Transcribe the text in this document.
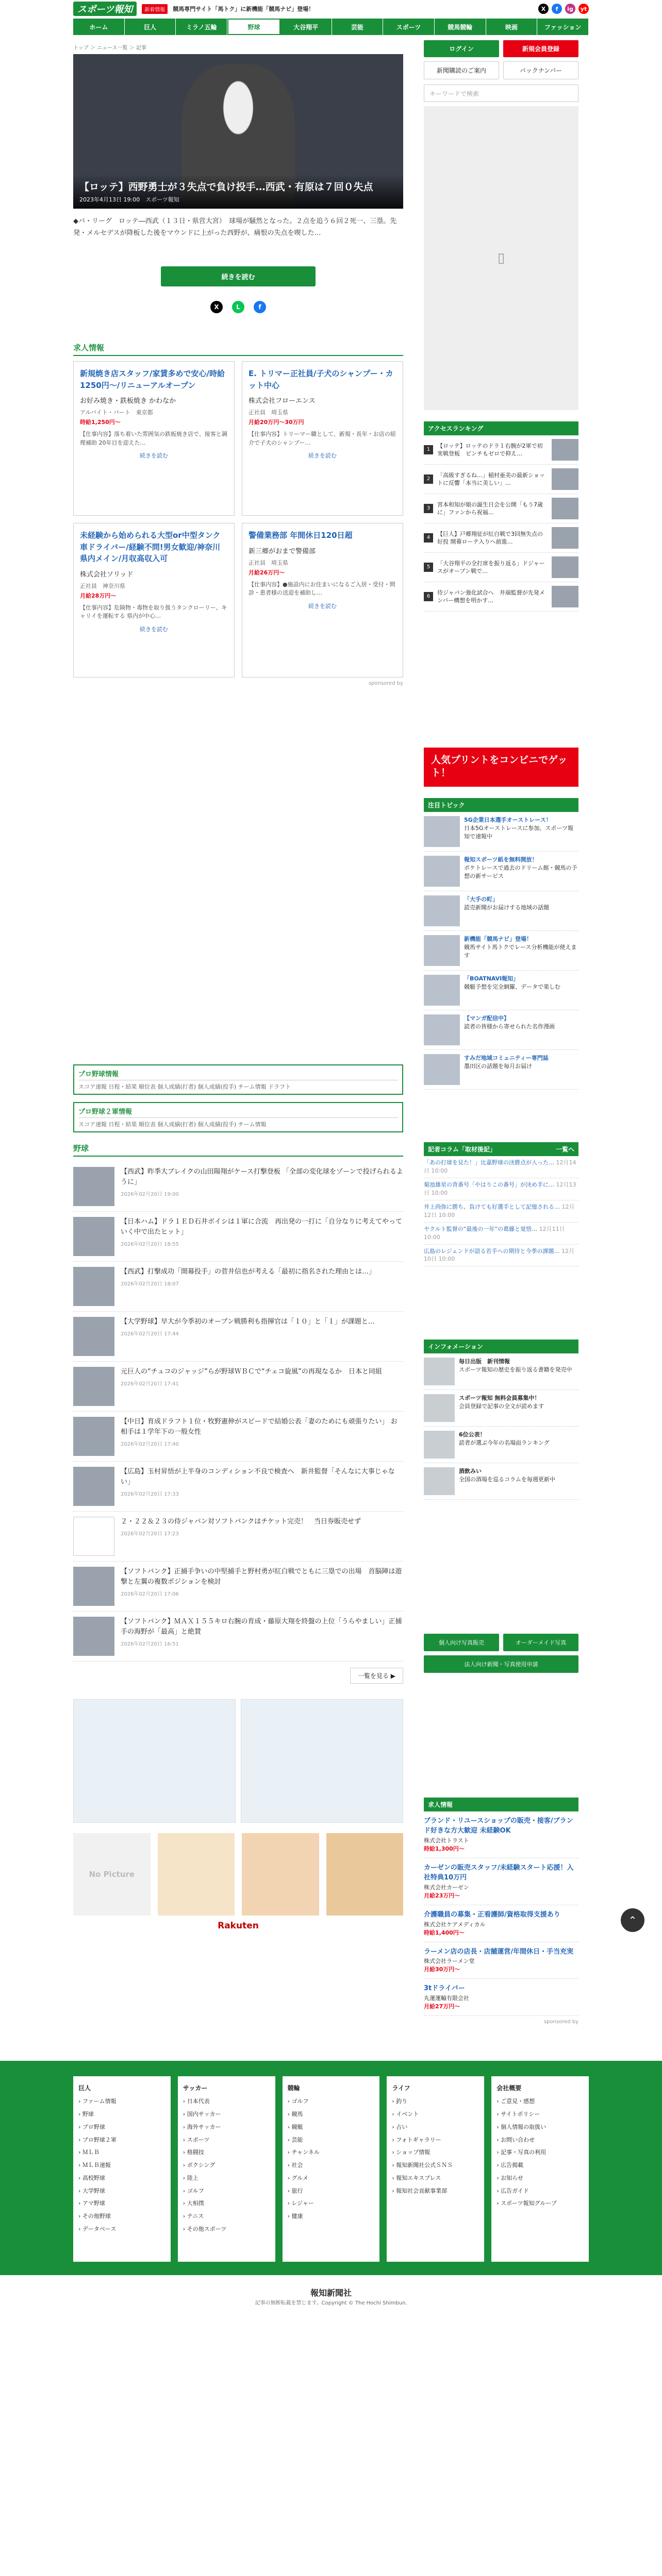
スポーツ報知	新着情報	競馬専門サイト「馬トク」に新機能「競馬ナビ」登場！	X	f	ig	yt
ホーム	巨人	ミラノ五輪	野球	大谷翔平	芸能	スポーツ	競馬競輪	映画	ファッション
トップ ＞ ニュース一覧 ＞ 記事
【ロッテ】西野勇士が３失点で負け投手…西武・有原は７回０失点
2023年4月13日 19:00　スポーツ報知

◆パ・リーグ　ロッテ―西武（１３日・県営大宮）　球場が騒然となった。２点を追う６回２死一、三塁。先発・メルセデスが降板した後をマウンドに上がった西野が、痛恨の失点を喫した…

続きを読む
X	L	f
求人情報
新規焼き店スタッフ/家賃多めで安心/時給1250円～/リニューアルオープン
お好み焼き・鉄板焼き かわなか
アルバイト・パート　 東京都
時給1,250円～
【仕事内容】落ち着いた雰囲気の鉄板焼き店で、接客と調理補助 20年目を迎えた…
続きを読む
E. トリマー正社員/子犬のシャンプー・カット中心
株式会社フローエンス
正社員　 埼玉県
月給20万円～30万円
【仕事内容】トリーマー職として、新規・長年・お店の紹介で子犬のシャンプー…
続きを読む
未経験から始められる大型or中型タンク車ドライバー/経験不問!男女歓迎/神奈川県内メイン/月収高収入可
株式会社ソリッド
正社員　 神奈川県
月給28万円～
【仕事内容】危険物・毒物を取り扱うタンクローリー、キャリイを運転する 県内が中心…
続きを読む
警備業務部 年間休日120日超
新三郷がおまで警備部
正社員　 埼玉県
月給26万円～
【仕事内容】●施設内にお住まいになるご入居・受付・問診・患者様の送迎を補助し…
続きを読む
sponsored by
プロ野球情報
スコア速報 日程・結果 順位表 個人成績(打者) 個人成績(投手) チーム情報 ドラフト
プロ野球２軍情報
スコア速報 日程・結果 順位表 個人成績(打者) 個人成績(投手) チーム情報
野球
【西武】昨季大ブレイクの山田陽翔がケース打撃登板 「全部の変化球をゾーンで投げられるように」
2026年02月20日 19:00
【日本ハム】ドラ１ＥＤ石井ボイシは１軍に合流　再出発の一打に「自分なりに考えてやっていく中で出たヒット」
2026年02月20日 18:55
【西武】打撃成功「開幕投手」の菅井信也が考える「最初に指名された理由とは…」
2026年02月20日 18:07
【大学野球】早大が今季初のオープン戦勝利も指揮官は「１０」と「１」が課題と…
2026年02月20日 17:44
元巨人の“チュコのジャッジ”らが野球ＷＢＣで“チェコ旋風”の再現なるか　日本と同組
2026年02月20日 17:41
【中日】育成ドラフト１位・牧野憲伸がスピードで結婚公表「妻のためにも頑張りたい」 お相手は１学年下の一般女性
2026年02月20日 17:40
【広島】玉村昇悟が上半身のコンディション不良で検査へ　新井監督「そんなに大事じゃない」
2026年02月20日 17:33
２・２２＆２３の侍ジャパン対ソフトバンクはチケット完売！　当日券販売せず
2026年02月20日 17:23
【ソフトバンク】正捕手争いの中堅捕手と野村勇が紅白戦でともに三塁での出場　首脳陣は遊撃と左翼の複数ポジションを検討
2026年02月20日 17:06
【ソフトバンク】ＭＡＸ１５５キロ右腕の育成・藤原大翔を終盤の上位「うらやましい」正捕手の海野が「最高」と絶賛
2026年02月20日 16:51
一覧を見る ▶
No Picture
Rakuten
ログイン	新規会員登録
新聞購読のご案内	バックナンバー
キーワードで検索
▯
アクセスランキング
1
【ロッテ】ロッテのドラ１右腕が2軍で初実戦登板　ピンチもゼロで抑え…
2
「高級すぎるね…」稲村亜美の最新ショットに反響「本当に美しい」…
3
宮本和知が娘の誕生日会を公開「もう7歳に」ファンから祝福…
4
【巨人】戸郷翔征が紅白戦で3回無失点の好投 開幕ローテ入りへ前進…
5
「大谷翔平の全打席を振り返る」ドジャースがオープン戦で…
6
侍ジャパン強化試合へ　井端監督が先発メンバー構想を明かす…
人気プリントをコンビニでゲット！
注目トピック
5G企業日本選手オーストレース！
日本5Gオーストレースに参加、スポーツ報知で速報中
報知スポーツ紙を無料開放！
ポケトレースで過去のドリーム館・競馬の予想の新サービス
「大手の町」
読売新聞がお届けする地域の話題
新機能「競馬ナビ」登場！
競馬サイト馬トクでレース分析機能が使えます
「BOATNAVI報知」
競艇予想を完全網羅、データで楽しむ
【マンガ配信中】
読者の皆様から寄せられた名作漫画
すみだ地域コミュニティー専門誌
墨田区の話題を毎月お届け
記者コラム「取材後記」	一覧へ
「あの打球を見た！」比嘉野球の決勝点が入った… 12月14日 10:00
菊池雄星の背番号「やはりこの番号」が決め手に… 12月13日 10:00
井上尚弥に勝ち、負けても好選手として記憶される… 12月12日 10:00
ヤクルト監督の“最後の一年”の葛藤と覚悟… 12月11日 10:00
広島のレジェンドが語る若手への期待と今季の課題… 12月10日 10:00
インフォメーション
毎日出版　新刊情報
スポーツ報知の歴史を振り返る書籍を発売中
スポーツ報知 無料会員募集中！
会員登録で記事の全文が読めます
6位公表！
読者が選ぶ今年の名場面ランキング
酒飲みい
全国の酒場を巡るコラムを毎週更新中
個人向け写真販売	オーダーメイド写真
法人向け新聞・写真使用申請
求人情報
ブランド・リユースショップの販売・接客/ブランド好きな方大歓迎 未経験OK
株式会社トラスト
時給1,300円～
カーゼンの販売スタッフ/未経験スタート応援！入社特典10万円
株式会社カーゼン
月給23万円～
介護職員の募集・正看護師/資格取得支援あり
株式会社ケアメディカル
時給1,400円～
ラーメン店の店長・店舗運営/年間休日・手当充実
株式会社ラーメン堂
月給30万円～
3tドライバー
丸運運輸有限会社
月給27万円～
sponsored by
⌃
巨人
› ファーム情報
› 野球
› プロ野球
› プロ野球２軍
› ＭＬＢ
› ＭＬＢ速報
› 高校野球
› 大学野球
› アマ野球
› その他野球
› データベース
サッカー
› 日本代表
› 国内サッカー
› 海外サッカー
› スポーツ
› 格闘技
› ボクシング
› 陸上
› ゴルフ
› 大相撲
› テニス
› その他スポーツ
競輪
› ゴルフ
› 競馬
› 競艇
› 芸能
› チャンネル
› 社会
› グルメ
› 旅行
› レジャー
› 健康
ライフ
› 釣り
› イベント
› 占い
› フォトギャラリー
› ショップ情報
› 報知新聞社公式ＳＮＳ
› 報知エキスプレス
› 報知社会貢献事業部
会社概要
› ご意見・感想
› サイトポリシー
› 個人情報の取扱い
› お問い合わせ
› 記事・写真の利用
› 広告掲載
› お知らせ
› 広告ガイド
› スポーツ報知グループ
報知新聞社
記事の無断転載を禁じます。Copyright © The Hochi Shimbun.
